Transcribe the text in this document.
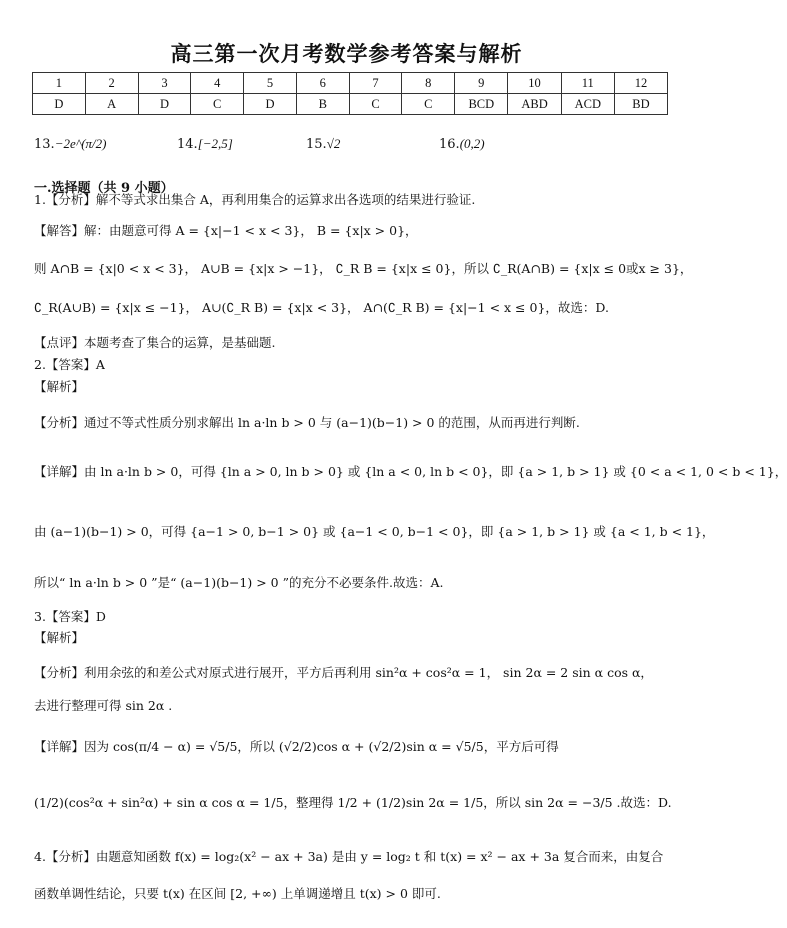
高三第一次月考数学参考答案与解析
1	2	3	4	5	6	7	8	9	10	11	12
D	A	D	C	D	B	C	C	BCD	ABD	ACD	BD
13.−2e^(π/2)	14.[−2,5]	15.√2	16.(0,2)
一.选择题（共 9 小题）
1.【分析】解不等式求出集合 A，再利用集合的运算求出各选项的结果进行验证.
【解答】解：由题意可得 A = {x|−1 < x < 3}， B = {x|x > 0}，
则 A∩B = {x|0 < x < 3}， A∪B = {x|x > −1}， ∁_R B = {x|x ≤ 0}，所以 ∁_R(A∩B) = {x|x ≤ 0或x ≥ 3}，
∁_R(A∪B) = {x|x ≤ −1}， A∪(∁_R B) = {x|x < 3}， A∩(∁_R B) = {x|−1 < x ≤ 0}，故选：D.
【点评】本题考查了集合的运算，是基础题.
2.【答案】A
【解析】
【分析】通过不等式性质分别求解出 ln a·ln b > 0 与 (a−1)(b−1) > 0 的范围，从而再进行判断.
【详解】由 ln a·ln b > 0，可得 {ln a > 0, ln b > 0} 或 {ln a < 0, ln b < 0}，即 {a > 1, b > 1} 或 {0 < a < 1, 0 < b < 1}，
由 (a−1)(b−1) > 0，可得 {a−1 > 0, b−1 > 0} 或 {a−1 < 0, b−1 < 0}，即 {a > 1, b > 1} 或 {a < 1, b < 1}，
所以“ ln a·ln b > 0 ”是“ (a−1)(b−1) > 0 ”的充分不必要条件.故选：A.
3.【答案】D
【解析】
【分析】利用余弦的和差公式对原式进行展开，平方后再利用 sin²α + cos²α = 1， sin 2α = 2 sin α cos α，
去进行整理可得 sin 2α .
【详解】因为 cos(π/4 − α) = √5/5，所以 (√2/2)cos α + (√2/2)sin α = √5/5，平方后可得
(1/2)(cos²α + sin²α) + sin α cos α = 1/5，整理得 1/2 + (1/2)sin 2α = 1/5，所以 sin 2α = −3/5 .故选：D.
4.【分析】由题意知函数 f(x) = log₂(x² − ax + 3a) 是由 y = log₂ t 和 t(x) = x² − ax + 3a 复合而来，由复合
函数单调性结论，只要 t(x) 在区间 [2, +∞) 上单调递增且 t(x) > 0 即可.
